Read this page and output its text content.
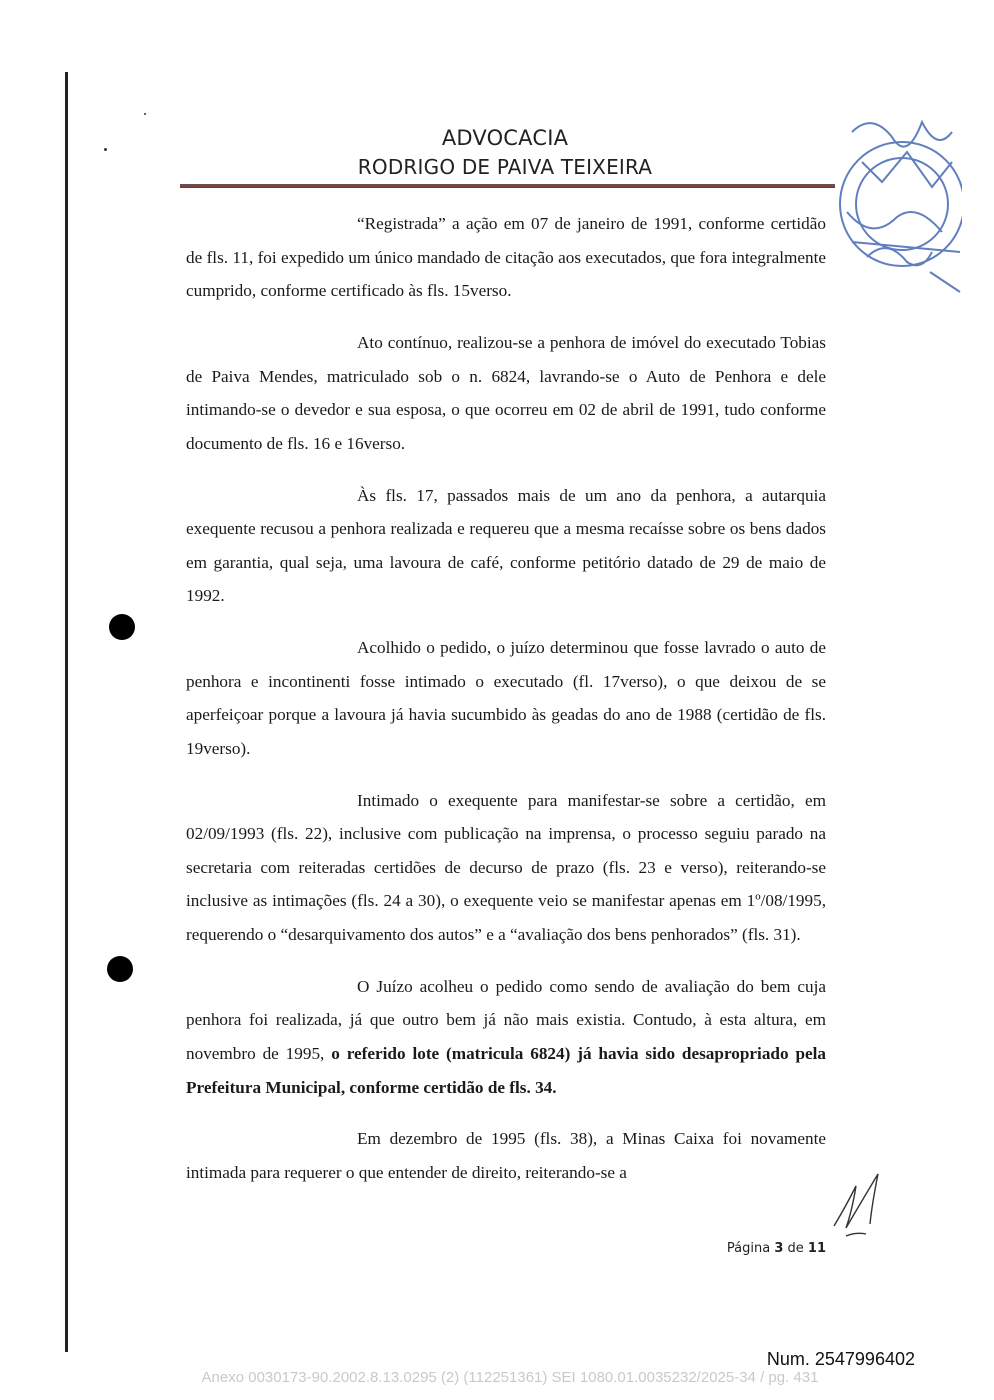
ADVOCACIA
RODRIGO DE PAIVA TEIXEIRA

“Registrada” a ação em 07 de janeiro de 1991, conforme certidão de fls. 11, foi expedido um único mandado de citação aos executados, que fora integralmente cumprido, conforme certificado às fls. 15verso.

Ato contínuo, realizou-se a penhora de imóvel do executado Tobias de Paiva Mendes, matriculado sob o n. 6824, lavrando-se o Auto de Penhora e dele intimando-se o devedor e sua esposa, o que ocorreu em 02 de abril de 1991, tudo conforme documento de fls. 16 e 16verso.

Às fls. 17, passados mais de um ano da penhora, a autarquia exequente recusou a penhora realizada e requereu que a mesma recaísse sobre os bens dados em garantia, qual seja, uma lavoura de café, conforme petitório datado de 29 de maio de 1992.

Acolhido o pedido, o juízo determinou que fosse lavrado o auto de penhora e incontinenti fosse intimado o executado (fl. 17verso), o que deixou de se aperfeiçoar porque a lavoura já havia sucumbido às geadas do ano de 1988 (certidão de fls. 19verso).

Intimado o exequente para manifestar-se sobre a certidão, em 02/09/1993 (fls. 22), inclusive com publicação na imprensa, o processo seguiu parado na secretaria com reiteradas certidões de decurso de prazo (fls. 23 e verso), reiterando-se inclusive as intimações (fls. 24 a 30), o exequente veio se manifestar apenas em 1º/08/1995, requerendo o “desarquivamento dos autos” e a “avaliação dos bens penhorados” (fls. 31).

O Juízo acolheu o pedido como sendo de avaliação do bem cuja penhora foi realizada, já que outro bem já não mais existia. Contudo, à esta altura, em novembro de 1995, o referido lote (matricula 6824) já havia sido desapropriado pela Prefeitura Municipal, conforme certidão de fls. 34.

Em dezembro de 1995 (fls. 38), a Minas Caixa foi novamente intimada para requerer o que entender de direito, reiterando-se a

Página 3 de 11
Num. 2547996402
Anexo 0030173-90.2002.8.13.0295 (2) (112251361) SEI 1080.01.0035232/2025-34 / pg. 431
